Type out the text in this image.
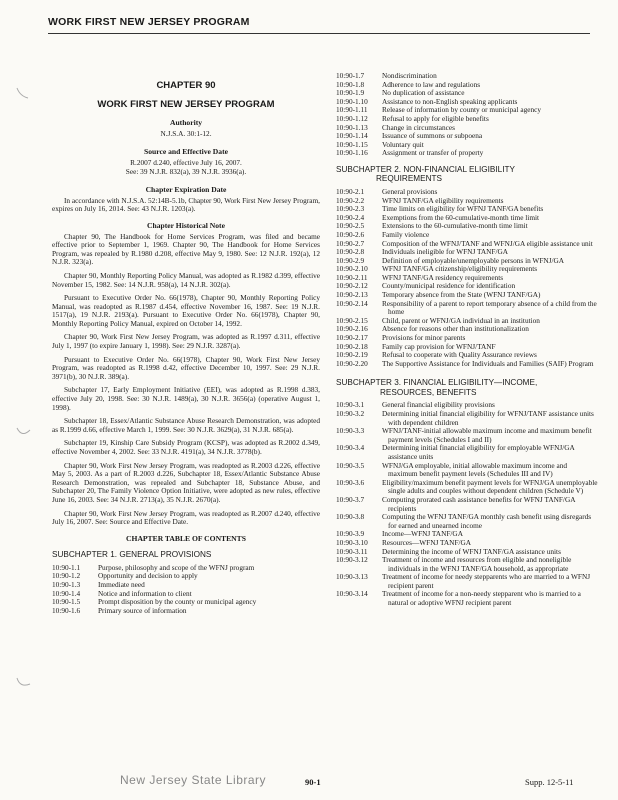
WORK FIRST NEW JERSEY PROGRAM
CHAPTER 90
WORK FIRST NEW JERSEY PROGRAM
Authority
N.J.S.A. 30:1-12.
Source and Effective Date
R.2007 d.240, effective July 16, 2007.
See: 39 N.J.R. 832(a), 39 N.J.R. 3936(a).
Chapter Expiration Date

In accordance with N.J.S.A. 52:14B-5.1b, Chapter 90, Work First New Jersey Program, expires on July 16, 2014. See: 43 N.J.R. 1203(a).

Chapter Historical Note

Chapter 90, The Handbook for Home Services Program, was filed and became effective prior to September 1, 1969. Chapter 90, The Handbook for Home Services Program, was repealed by R.1980 d.208, effective May 9, 1980. See: 12 N.J.R. 192(a), 12 N.J.R. 323(a).

Chapter 90, Monthly Reporting Policy Manual, was adopted as R.1982 d.399, effective November 15, 1982. See: 14 N.J.R. 958(a), 14 N.J.R. 302(a).

Pursuant to Executive Order No. 66(1978), Chapter 90, Monthly Reporting Policy Manual, was readopted as R.1987 d.454, effective November 16, 1987. See: 19 N.J.R. 1517(a), 19 N.J.R. 2193(a). Pursuant to Executive Order No. 66(1978), Chapter 90, Monthly Reporting Policy Manual, expired on October 14, 1992.

Chapter 90, Work First New Jersey Program, was adopted as R.1997 d.311, effective July 1, 1997 (to expire January 1, 1998). See: 29 N.J.R. 3287(a).

Pursuant to Executive Order No. 66(1978), Chapter 90, Work First New Jersey Program, was readopted as R.1998 d.42, effective December 10, 1997. See: 29 N.J.R. 3971(b), 30 N.J.R. 389(a).

Subchapter 17, Early Employment Initiative (EEI), was adopted as R.1998 d.383, effective July 20, 1998. See: 30 N.J.R. 1489(a), 30 N.J.R. 3656(a) (operative August 1, 1998).

Subchapter 18, Essex/Atlantic Substance Abuse Research Demonstration, was adopted as R.1999 d.66, effective March 1, 1999. See: 30 N.J.R. 3629(a), 31 N.J.R. 685(a).

Subchapter 19, Kinship Care Subsidy Program (KCSP), was adopted as R.2002 d.349, effective November 4, 2002. See: 33 N.J.R. 4191(a), 34 N.J.R. 3778(b).

Chapter 90, Work First New Jersey Program, was readopted as R.2003 d.226, effective May 5, 2003. As a part of R.2003 d.226, Subchapter 18, Essex/Atlantic Substance Abuse Research Demonstration, was repealed and Subchapter 18, Substance Abuse, and Subchapter 20, The Family Violence Option Initiative, were adopted as new rules, effective June 16, 2003. See: 34 N.J.R. 2713(a), 35 N.J.R. 2670(a).

Chapter 90, Work First New Jersey Program, was readopted as R.2007 d.240, effective July 16, 2007. See: Source and Effective Date.

CHAPTER TABLE OF CONTENTS
SUBCHAPTER 1. GENERAL PROVISIONS
10:90-1.1	Purpose, philosophy and scope of the WFNJ program
10:90-1.2	Opportunity and decision to apply
10:90-1.3	Immediate need
10:90-1.4	Notice and information to client
10:90-1.5	Prompt disposition by the county or municipal agency
10:90-1.6	Primary source of information
10:90-1.7	Nondiscrimination
10:90-1.8	Adherence to law and regulations
10:90-1.9	No duplication of assistance
10:90-1.10	Assistance to non-English speaking applicants
10:90-1.11	Release of information by county or municipal agency
10:90-1.12	Refusal to apply for eligible benefits
10:90-1.13	Change in circumstances
10:90-1.14	Issuance of summons or subpoena
10:90-1.15	Voluntary quit
10:90-1.16	Assignment or transfer of property
SUBCHAPTER 2. NON-FINANCIAL ELIGIBILITY
REQUIREMENTS
10:90-2.1	General provisions
10:90-2.2	WFNJ TANF/GA eligibility requirements
10:90-2.3	Time limits on eligibility for WFNJ TANF/GA benefits
10:90-2.4	Exemptions from the 60-cumulative-month time limit
10:90-2.5	Extensions to the 60-cumulative-month time limit
10:90-2.6	Family violence
10:90-2.7	Composition of the WFNJ/TANF and WFNJ/GA eligible assistance unit
10:90-2.8	Individuals ineligible for WFNJ TANF/GA
10:90-2.9	Definition of employable/unemployable persons in WFNJ/GA
10:90-2.10	WFNJ TANF/GA citizenship/eligibility requirements
10:90-2.11	WFNJ TANF/GA residency requirements
10:90-2.12	County/municipal residence for identification
10:90-2.13	Temporary absence from the State (WFNJ TANF/GA)
10:90-2.14	Responsibility of a parent to report temporary absence of a child from the home
10:90-2.15	Child, parent or WFNJ/GA individual in an institution
10:90-2.16	Absence for reasons other than institutionalization
10:90-2.17	Provisions for minor parents
10:90-2.18	Family cap provision for WFNJ/TANF
10:90-2.19	Refusal to cooperate with Quality Assurance reviews
10:90-2.20	The Supportive Assistance for Individuals and Families (SAIF) Program
SUBCHAPTER 3. FINANCIAL ELIGIBILITY—INCOME,
RESOURCES, BENEFITS
10:90-3.1	General financial eligibility provisions
10:90-3.2	Determining initial financial eligibility for WFNJ/TANF assistance units with dependent children
10:90-3.3	WFNJ/TANF-initial allowable maximum income and maximum benefit payment levels (Schedules I and II)
10:90-3.4	Determining initial financial eligibility for employable WFNJ/GA assistance units
10:90-3.5	WFNJ/GA employable, initial allowable maximum income and maximum benefit payment levels (Schedules III and IV)
10:90-3.6	Eligibility/maximum benefit payment levels for WFNJ/GA unemployable single adults and couples without dependent children (Schedule V)
10:90-3.7	Computing prorated cash assistance benefits for WFNJ TANF/GA recipients
10:90-3.8	Computing the WFNJ TANF/GA monthly cash benefit using disregards for earned and unearned income
10:90-3.9	Income—WFNJ TANF/GA
10:90-3.10	Resources—WFNJ TANF/GA
10:90-3.11	Determining the income of WFNJ TANF/GA assistance units
10:90-3.12	Treatment of income and resources from eligible and noneligible individuals in the WFNJ TANF/GA household, as appropriate
10:90-3.13	Treatment of income for needy stepparents who are married to a WFNJ recipient parent
10:90-3.14	Treatment of income for a non-needy stepparent who is married to a natural or adoptive WFNJ recipient parent
New Jersey State Library	90-1	Supp. 12-5-11
